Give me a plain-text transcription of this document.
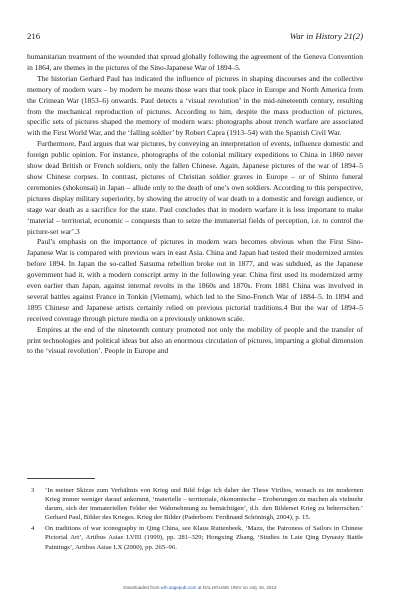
216	War in History 21(2)

humanitarian treatment of the wounded that spread globally following the agreement of the Geneva Convention in 1864, are themes in the pictures of the Sino-Japanese War of 1894–5.

The historian Gerhard Paul has indicated the influence of pictures in shaping discourses and the collective memory of modern wars – by modern he means those wars that took place in Europe and North America from the Crimean War (1853–6) onwards. Paul detects a ‘visual revolution’ in the mid-nineteenth century, resulting from the mechanical reproduction of pictures. According to him, despite the mass production of pictures, specific sets of pictures shaped the memory of modern wars: photographs about trench warfare are associated with the First World War, and the ‘falling soldier’ by Robert Capra (1913–54) with the Spanish Civil War.

Furthermore, Paul argues that war pictures, by conveying an interpretation of events, influence domestic and foreign public opinion. For instance, photographs of the colonial military expeditions to China in 1860 never show dead British or French soldiers, only the fallen Chinese. Again, Japanese pictures of the war of 1894–5 show Chinese corpses. In contrast, pictures of Christian soldier graves in Europe – or of Shinto funeral ceremonies (shokonsai) in Japan – allude only to the death of one’s own soldiers. According to this perspective, pictures display military superiority, by showing the atrocity of war death to a domestic and foreign audience, or stage war death as a sacrifice for the state. Paul concludes that in modern warfare it is less important to make ‘material – territorial, economic – conquests than to seize the immaterial fields of perception, i.e. to control the picture-set war’.3

Paul’s emphasis on the importance of pictures in modern wars becomes obvious when the First Sino-Japanese War is compared with previous wars in east Asia. China and Japan had tested their modernized armies before 1894. In Japan the so-called Satsuma rebellion broke out in 1877, and was subdued, as the Japanese government had it, with a modern conscript army in the following year. China first used its modernized army even earlier than Japan, against internal revolts in the 1860s and 1870s. From 1881 China was involved in several battles against France in Tonkin (Vietnam), which led to the Sino-French War of 1884–5. In 1894 and 1895 Chinese and Japanese artists certainly relied on previous pictorial traditions.4 But the war of 1894–5 received coverage through picture media on a previously unknown scale.

Empires at the end of the nineteenth century promoted not only the mobility of people and the transfer of print technologies and political ideas but also an enormous circulation of pictures, imparting a global dimension to the ‘visual revolution’. People in Europe and

3 ‘In meiner Skizze zum Verhältnis von Krieg und Bild folge ich daher der These Virilios, wonach es im modernen Krieg immer weniger darauf ankommt, ‘materielle – territoriale, ökonomische – Eroberungen zu machen als vielmehr darum, sich der immateriellen Felder der Wahrnehmung zu bemächtigen’, d.h. den Bilderset Krieg zu beherrschen.’ Gerhard Paul, Bilder des Krieges. Krieg der Bilder (Paderborn: Ferdinand Schöningh, 2004), p. 15.
4 On traditions of war iconography in Qing China, see Klaus Ruitenbeek, ‘Mazu, the Patroness of Sailors in Chinese Pictorial Art’, Artibus Asiae LVIII (1999), pp. 281–329; Hongxing Zhang, ‘Studies in Late Qing Dynasty Battle Paintings’, Artibus Asiae LX (2000), pp. 265–96.
Downloaded from wih.sagepub.com at DALHOUSIE UNIV on July 16, 2014
